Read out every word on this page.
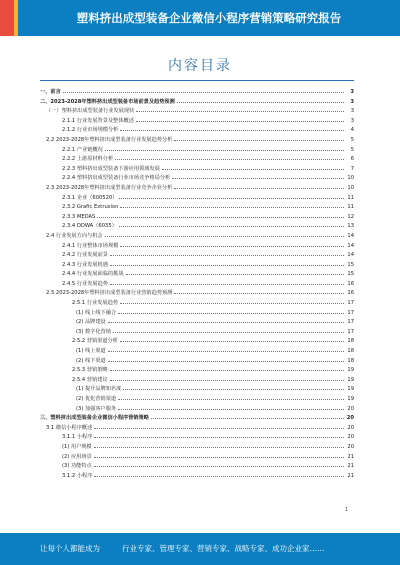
塑料挤出成型装备企业微信小程序营销策略研究报告
内容目录
一、前言	3
二、2023-2028年塑料挤出成型装备市场前景及趋势预测	3
（一）塑料挤出成型装备行业发展现状	3
2.1.1 行业发展背景及整体概述	3
2.1.2 行业市场规模分析	4
2.2 2023-2028年塑料挤出成型装备行业发展趋势分析	5
2.2.1 产业链概况	5
2.2.2 上游原材料分析	6
2.2.3 塑料挤出成型装备下游应用领域发展	7
2.2.4 塑料挤出成型装备行业市场竞争格局分析	10
2.3 2023-2028年塑料挤出成型装备行业竞争企业分析	10
2.3.1 企业（600520）	11
2.3.2 Grafic Extrusion	11
2.3.3 MEDAS	12
2.3.4 DDWA（6035）	13
2.4 行业发展方向与机会	14
2.4.1 行业整体市场规模	14
2.4.2 行业发展前景	14
2.4.3 行业发展机遇	15
2.4.4 行业发展面临的挑战	15
2.4.5 行业发展趋势	16
2.5 2023-2028年塑料挤出成型装备行业营销趋势预测	16
2.5.1 行业发展趋势	17
(1) 线上线下融合	17
(2) 品牌建设	17
(3) 数字化营销	17
2.5.2 营销渠道分析	18
(1) 线上渠道	18
(2) 线下渠道	18
2.5.3 营销策略	19
2.5.4 营销建议	19
(1) 提升品牌知名度	19
(2) 优化营销渠道	19
(3) 加强客户服务	20
三、塑料挤出成型装备企业微信小程序营销策略	20
3.1 微信小程序概述	20
3.1.1 小程序	20
(1) 用户规模	20
(2) 应用场景	21
(3) 功能特点	21
3.1.2 小程序	21
1
让每个人都能成为	行业专家、管理专家、营销专家、战略专家、成功企业家……
